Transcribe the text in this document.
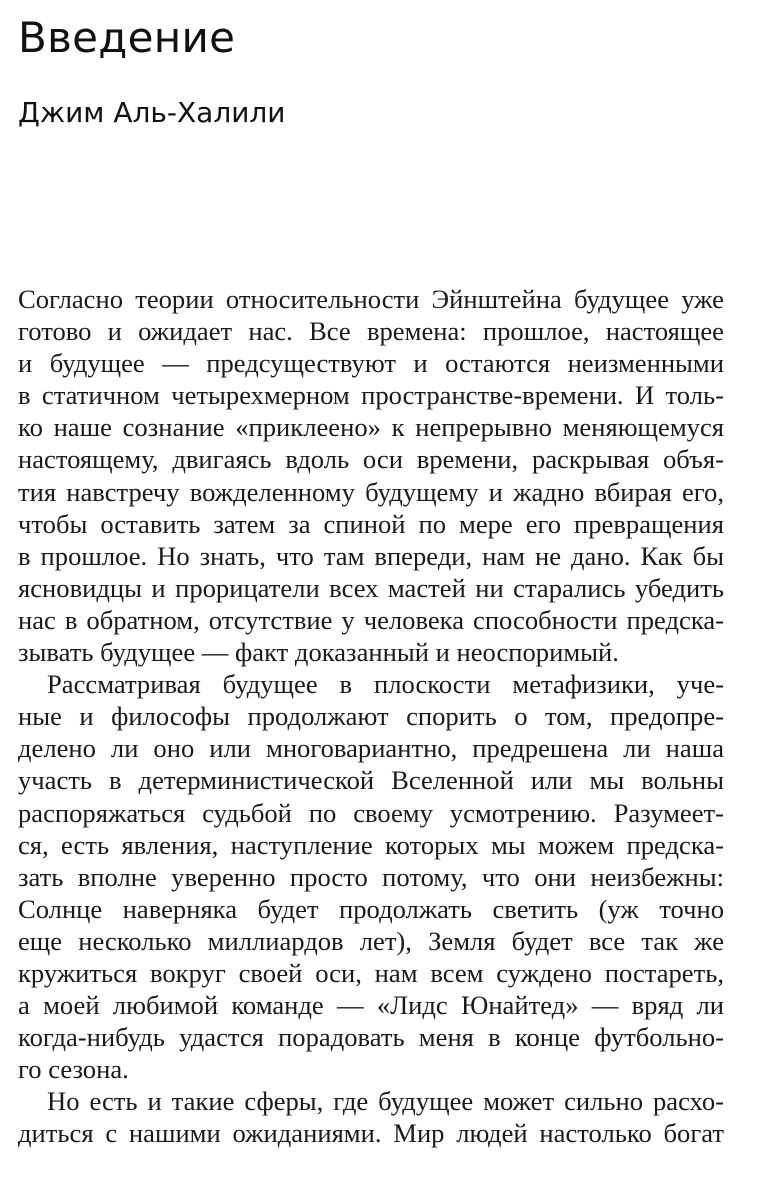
Введение
Джим Аль-Халили
Согласно теории относительности Эйнштейна будущее уже
готово и ожидает нас. Все времена: прошлое, настоящее
и будущее — предсуществуют и остаются неизменными
в статичном четырехмерном пространстве-времени. И толь-
ко наше сознание «приклеено» к непрерывно меняющемуся
настоящему, двигаясь вдоль оси времени, раскрывая объя-
тия навстречу вожделенному будущему и жадно вбирая его,
чтобы оставить затем за спиной по мере его превращения
в прошлое. Но знать, что там впереди, нам не дано. Как бы
ясновидцы и прорицатели всех мастей ни старались убедить
нас в обратном, отсутствие у человека способности предска-
зывать будущее — факт доказанный и неоспоримый.
Рассматривая будущее в плоскости метафизики, уче-
ные и философы продолжают спорить о том, предопре-
делено ли оно или многовариантно, предрешена ли наша
участь в детерминистической Вселенной или мы вольны
распоряжаться судьбой по своему усмотрению. Разумеет-
ся, есть явления, наступление которых мы можем предска-
зать вполне уверенно просто потому, что они неизбежны:
Солнце наверняка будет продолжать светить (уж точно
еще несколько миллиардов лет), Земля будет все так же
кружиться вокруг своей оси, нам всем суждено постареть,
а моей любимой команде — «Лидс Юнайтед» — вряд ли
когда-нибудь удастся порадовать меня в конце футбольно-
го сезона.
Но есть и такие сферы, где будущее может сильно расхо-
диться с нашими ожиданиями. Мир людей настолько богат
